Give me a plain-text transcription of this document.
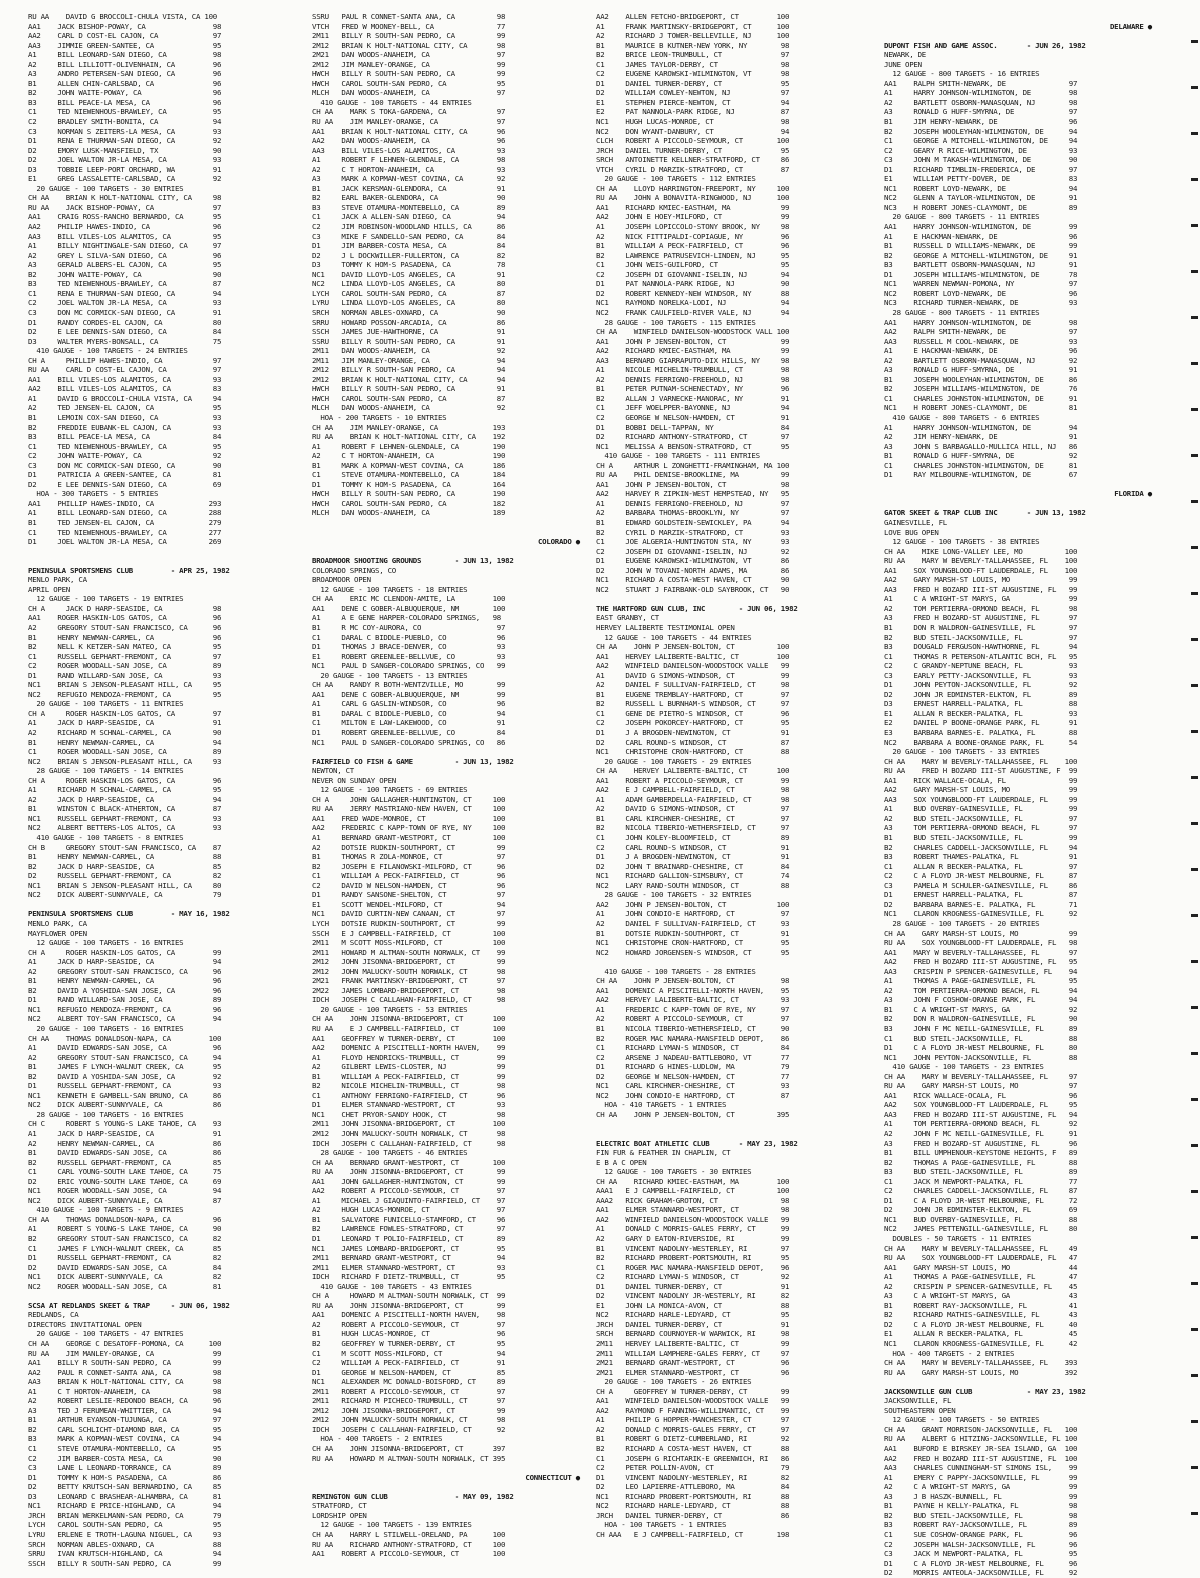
RU AA    DAVID G BROCCOLI-CHULA VISTA, CA 100
AA1    JACK BISHOP-POWAY, CA                98
AA2    CARL D COST-EL CAJON, CA             97
AA3    JIMMIE GREEN-SANTEE, CA              95
A1     BILL LEONARD-SAN DIEGO, CA           98
A2     BILL LILLIOTT-OLIVENHAIN, CA         96
A3     ANDRO PETERSEN-SAN DIEGO, CA         96
B1     ALLEN CHIN-CARLSBAD, CA              96
B2     JOHN WAITE-POWAY, CA                 96
B3     BILL PEACE-LA MESA, CA               96
C1     TED NIEWENHOUS-BRAWLEY, CA           95
C2     BRADLEY SMITH-BONITA, CA             94
C3     NORMAN S ZEITERS-LA MESA, CA         93
D1     RENA E THURMAN-SAN DIEGO, CA         92
D2     EMORY LUSK-MANSFIELD, TX             90
D2     JOEL WALTON JR-LA MESA, CA           93
D3     TOBBIE LEEP-PORT ORCHARD, WA         91
E1     GREG LASSALETTE-CARLSBAD, CA         92
20 GAUGE - 100 TARGETS - 30 ENTRIES
CH AA    BRIAN K HOLT-NATIONAL CITY, CA     98
RU AA    JACK BISHOP-POWAY, CA              97
AA1    CRAIG ROSS-RANCHO BERNARDO, CA       95
AA2    PHILIP HAWES-INDIO, CA               96
AA3    BILL VILES-LOS ALAMITOS, CA          95
A1     BILLY NIGHTINGALE-SAN DIEGO, CA      97
A2     GREY L SILVA-SAN DIEGO, CA           96
A3     GERALD ALBERS-EL CAJON, CA           95
B2     JOHN WAITE-POWAY, CA                 90
B3     TED NIEWENHOUS-BRAWLEY, CA           87
C1     RENA E THURMAN-SAN DIEGO, CA         94
C2     JOEL WALTON JR-LA MESA, CA           93
C3     DON MC CORMICK-SAN DIEGO, CA         91
D1     RANDY CORDES-EL CAJON, CA            80
D2     E LEE DENNIS-SAN DIEGO, CA           84
D3     WALTER MYERS-BONSALL, CA             75
410 GAUGE - 100 TARGETS - 24 ENTRIES
CH A     PHILLIP HAWES-INDIO, CA            97
RU AA    CARL D COST-EL CAJON, CA           97
AA1    BILL VILES-LOS ALAMITOS, CA          93
AA2    BILL VILES-LOS ALAMITOS, CA          83
A1     DAVID G BROCCOLI-CHULA VISTA, CA     94
A2     TED JENSEN-EL CAJON, CA              95
B1     LEMOIN COX-SAN DIEGO, CA             93
B2     FREDDIE EUBANK-EL CAJON, CA          93
B3     BILL PEACE-LA MESA, CA               84
C1     TED NIEWENHOUS-BRAWLEY, CA           95
C2     JOHN WAITE-POWAY, CA                 92
C3     DON MC CORMICK-SAN DIEGO, CA         90
D1     PATRICIA A GREEN-SANTEE, CA          81
D2     E LEE DENNIS-SAN DIEGO, CA           69
HOA - 300 TARGETS - 5 ENTRIES
AA1    PHILLIP HAWES-INDIO, CA             293
A1     BILL LEONARD-SAN DIEGO, CA          288
B1     TED JENSEN-EL CAJON, CA             279
C1     TED NIEWENHOUS-BRAWLEY, CA          277
D1     JOEL WALTON JR-LA MESA, CA          269
PENINSULA SPORTSMENS CLUB         - APR 25, 1982
MENLO PARK, CA
APRIL OPEN
12 GAUGE - 100 TARGETS - 19 ENTRIES
CH A     JACK D HARP-SEASIDE, CA            98
AA1    ROGER HASKIN-LOS GATOS, CA           96
A2     GREGORY STOUT-SAN FRANCISCO, CA      96
B1     HENRY NEWMAN-CARMEL, CA              96
B2     NELL K KETZER-SAN MATEO, CA          95
C1     RUSSELL GEPHART-FREMONT, CA          97
C2     ROGER WOODALL-SAN JOSE, CA           89
D1     RAND WILLARD-SAN JOSE, CA            93
NC1    BRIAN S JENSON-PLEASANT HILL, CA     95
NC2    REFUGIO MENDOZA-FREMONT, CA          95
20 GAUGE - 100 TARGETS - 11 ENTRIES
CH A     ROGER HASKIN-LOS GATOS, CA         97
A1     JACK D HARP-SEASIDE, CA              91
A2     RICHARD M SCHNAL-CARMEL, CA          90
B1     HENRY NEWMAN-CARMEL, CA              94
C1     ROGER WOODALL-SAN JOSE, CA           89
NC2    BRIAN S JENSON-PLEASANT HILL, CA     93
28 GAUGE - 100 TARGETS - 14 ENTRIES
CH A     ROGER HASKIN-LOS GATOS, CA         96
A1     RICHARD M SCHNAL-CARMEL, CA          95
A2     JACK D HARP-SEASIDE, CA              94
B1     WINSTON C BLACK-ATHERTON, CA         87
NC1    RUSSELL GEPHART-FREMONT, CA          93
NC2    ALBERT BETTERS-LOS ALTOS, CA         93
410 GAUGE - 100 TARGETS - 8 ENTRIES
CH B     GREGORY STOUT-SAN FRANCISCO, CA    87
B1     HENRY NEWMAN-CARMEL, CA              88
B2     JACK D HARP-SEASIDE, CA              85
D2     RUSSELL GEPHART-FREMONT, CA          82
NC1    BRIAN S JENSON-PLEASANT HILL, CA     80
NC2    DICK AUBERT-SUNNYVALE, CA            79
PENINSULA SPORTSMENS CLUB         - MAY 16, 1982
MENLO PARK, CA
MAYFLOWER OPEN
12 GAUGE - 100 TARGETS - 16 ENTRIES
CH A     ROGER HASKIN-LOS GATOS, CA         99
A1     JACK D HARP-SEASIDE, CA              94
A2     GREGORY STOUT-SAN FRANCISCO, CA      96
B1     HENRY NEWMAN-CARMEL, CA              96
B2     DAVID A YOSHIDA-SAN JOSE, CA         96
D1     RAND WILLARD-SAN JOSE, CA            89
NC1    REFUGIO MENDOZA-FREMONT, CA          96
NC2    ALBERT TOY-SAN FRANCISCO, CA         94
20 GAUGE - 100 TARGETS - 16 ENTRIES
CH AA    THOMAS DONALDSON-NAPA, CA         100
A1     DAVID EDWARDS-SAN JOSE, CA           96
A2     GREGORY STOUT-SAN FRANCISCO, CA      94
B1     JAMES F LYNCH-WALNUT CREEK, CA       95
B2     DAVID A YOSHIDA-SAN JOSE, CA         92
D1     RUSSELL GEPHART-FREMONT, CA          93
NC1    KENNETH E GAMBELL-SAN BRUNO, CA      86
NC2    DICK AUBERT-SUNNYVALE, CA            86
28 GAUGE - 100 TARGETS - 16 ENTRIES
CH C     ROBERT S YOUNG-S LAKE TAHOE, CA    93
A1     JACK D HARP-SEASIDE, CA              91
A2     HENRY NEWMAN-CARMEL, CA              86
B1     DAVID EDWARDS-SAN JOSE, CA           86
B2     RUSSELL GEPHART-FREMONT, CA          85
C1     CARL YOUNG-SOUTH LAKE TAHOE, CA      75
D2     ERIC YOUNG-SOUTH LAKE TAHOE, CA      69
NC1    ROGER WOODALL-SAN JOSE, CA           94
NC2    DICK AUBERT-SUNNYVALE, CA            87
410 GAUGE - 100 TARGETS - 9 ENTRIES
CH AA    THOMAS DONALDSON-NAPA, CA          96
A1     ROBERT S YOUNG-S LAKE TAHOE, CA      90
B2     GREGORY STOUT-SAN FRANCISCO, CA      82
C1     JAMES F LYNCH-WALNUT CREEK, CA       85
D1     RUSSELL GEPHART-FREMONT, CA          82
D2     DAVID EDWARDS-SAN JOSE, CA           84
NC1    DICK AUBERT-SUNNYVALE, CA            82
NC2    ROGER WOODALL-SAN JOSE, CA           81
SCSA AT REDLANDS SKEET & TRAP     - JUN 06, 1982
REDLANDS, CA
DIRECTORS INVITATIONAL OPEN
20 GAUGE - 100 TARGETS - 47 ENTRIES
CH AA    GEORGE C DESATOFF-POMONA, CA      100
RU AA    JIM MANLEY-ORANGE, CA              99
AA1    BILLY R SOUTH-SAN PEDRO, CA          99
AA2    PAUL R CONNET-SANTA ANA, CA          98
AA3    BRIAN K HOLT-NATIONAL CITY, CA       98
A1     C T HORTON-ANAHEIM, CA               98
A2     ROBERT LESLIE-REDONDO BEACH, CA      96
A3     TED J FERUMEAN-WHITTIER, CA          94
B1     ARTHUR EYANSON-TUJUNGA, CA           97
B2     CARL SCHLICHT-DIAMOND BAR, CA        95
B3     MARK A KOPMAN-WEST COVINA, CA        94
C1     STEVE OTAMURA-MONTEBELLO, CA         95
C2     JIM BARBER-COSTA MESA, CA            90
C3     LANE L LEONARD-TORRANCE, CA          89
D1     TOMMY K HOM-S PASADENA, CA           86
D2     BETTY KRUTSCH-SAN BERNARDINO, CA     85
D3     LEONARD C BRASHEAR-ALHAMBRA, CA      81
NC1    RICHARD E PRICE-HIGHLAND, CA         94
JRCH   BRIAN WERKELMANN-SAN PEDRO, CA       79
LYCH   CAROL SOUTH-SAN PEDRO, CA            95
LYRU   ERLENE E TROTH-LAGUNA NIGUEL, CA     93
SRCH   NORMAN ABLES-OXNARD, CA              88
SRRU   IVAN KRUTSCH-HIGHLAND, CA            94
SSCH   BILLY R SOUTH-SAN PEDRO, CA          99
SSRU   PAUL R CONNET-SANTA ANA, CA          98
VTCH   FRED W MOONEY-BELL, CA               77
2M11   BILLY R SOUTH-SAN PEDRO, CA          99
2M12   BRIAN K HOLT-NATIONAL CITY, CA       98
2M21   DAN WOODS-ANAHEIM, CA                97
2M12   JIM MANLEY-ORANGE, CA                99
HWCH   BILLY R SOUTH-SAN PEDRO, CA          99
HWCH   CAROL SOUTH-SAN PEDRO, CA            95
MLCH   DAN WOODS-ANAHEIM, CA                97
410 GAUGE - 100 TARGETS - 44 ENTRIES
CH AA    MARK S TOKA-GARDENA, CA            97
RU AA    JIM MANLEY-ORANGE, CA              97
AA1    BRIAN K HOLT-NATIONAL CITY, CA       96
AA2    DAN WOODS-ANAHEIM, CA                96
AA3    BILL VILES-LOS ALAMITOS, CA          93
A1     ROBERT F LEHNEN-GLENDALE, CA         98
A2     C T HORTON-ANAHEIM, CA               93
A3     MARK A KOPMAN-WEST COVINA, CA        92
B1     JACK KERSMAN-GLENDORA, CA            91
B2     EARL BAKER-GLENDORA, CA              90
B3     STEVE OTAMURA-MONTEBELLO, CA         89
C1     JACK A ALLEN-SAN DIEGO, CA           94
C2     JIM ROBINSON-WOODLAND HILLS, CA      86
C3     MIKE F SANDELLO-SAN PEDRO, CA        84
D1     JIM BARBER-COSTA MESA, CA            84
D2     J L DOCKWILLER-FULLERTON, CA         82
D3     TOMMY K HOM-S PASADENA, CA           78
NC1    DAVID LLOYD-LOS ANGELES, CA          91
NC2    LINDA LLOYD-LOS ANGELES, CA          80
LYCH   CAROL SOUTH-SAN PEDRO, CA            87
LYRU   LINDA LLOYD-LOS ANGELES, CA          80
SRCH   NORMAN ABLES-OXNARD, CA              90
SRRU   HOWARD POSSON-ARCADIA, CA            86
SSCH   JAMES JUE-HAWTHORNE, CA              91
SSRU   BILLY R SOUTH-SAN PEDRO, CA          91
2M11   DAN WOODS-ANAHEIM, CA                92
2M11   JIM MANLEY-ORANGE, CA                94
2M12   BILLY R SOUTH-SAN PEDRO, CA          94
2M12   BRIAN K HOLT-NATIONAL CITY, CA       94
HWCH   BILLY R SOUTH-SAN PEDRO, CA          91
HWCH   CAROL SOUTH-SAN PEDRO, CA            87
MLCH   DAN WOODS-ANAHEIM, CA                92
HOA - 200 TARGETS - 10 ENTRIES
CH AA    JIM MANLEY-ORANGE, CA             193
RU AA    BRIAN K HOLT-NATIONAL CITY, CA    192
A1     ROBERT F LEHNEN-GLENDALE, CA        190
A2     C T HORTON-ANAHEIM, CA              190
B1     MARK A KOPMAN-WEST COVINA, CA       186
C1     STEVE OTAMURA-MONTEBELLO, CA        184
D1     TOMMY K HOM-S PASADENA, CA          164
HWCH   BILLY R SOUTH-SAN PEDRO, CA         190
HWCH   CAROL SOUTH-SAN PEDRO, CA           182
MLCH   DAN WOODS-ANAHEIM, CA               189
COLORADO ●
BROADMOOR SHOOTING GROUNDS        - JUN 13, 1982
COLORADO SPRINGS, CO
BROADMOOR OPEN
12 GAUGE - 100 TARGETS - 18 ENTRIES
CH AA    ERIC MC CLENDON-AMITE, LA         100
AA1    DENE C GOBER-ALBUQUERQUE, NM        100
A1     A E GENE HARPER-COLORADO SPRINGS,   98
B1     R MC COY-AURORA, CO                  97
C1     DARAL C BIDDLE-PUEBLO, CO            96
D1     THOMAS J BRACE-DENVER, CO            93
E1     ROBERT GREENLEE-BELLVUE, CO          93
NC1    PAUL D SANGER-COLORADO SPRINGS, CO   99
20 GAUGE - 100 TARGETS - 13 ENTRIES
CH AA    RANDY R BOTH-WENTZVILLE, MO        99
AA1    DENE C GOBER-ALBUQUERQUE, NM         99
A1     CARL G GASLIN-WINDSOR, CO            96
B1     DARAL C BIDDLE-PUEBLO, CO            94
C1     MILTON E LAW-LAKEWOOD, CO            91
D1     ROBERT GREENLEE-BELLVUE, CO          84
NC1    PAUL D SANGER-COLORADO SPRINGS, CO   86
FAIRFIELD CO FISH & GAME          - JUN 13, 1982
NEWTON, CT
NEVER ON SUNDAY OPEN
12 GAUGE - 100 TARGETS - 69 ENTRIES
CH A     JOHN GALLAGHER-HUNTINGTON, CT     100
RU AA    JERRY MASTRIANO-NEW HAVEN, CT     100
AA1    FRED WADE-MONROE, CT                100
AA2    FREDERIC C KAPP-TOWN OF RYE, NY     100
A1     BERNARD GRANT-WESTPORT, CT          100
A2     DOTSIE RUDKIN-SOUTHPORT, CT          99
B1     THOMAS R ZOLA-MONROE, CT             97
B2     JOSEPH E FILANOWSKI-MILFORD, CT      96
C1     WILLIAM A PECK-FAIRFIELD, CT         96
C2     DAVID W NELSON-HAMDEN, CT            96
D1     RANDY SANSONE-SHELTON, CT            97
E1     SCOTT WENDEL-MILFORD, CT             94
NC1    DAVID CURTIN-NEW CANAAN, CT          97
LYCH   DOTSIE RUDKIN-SOUTHPORT, CT          99
SSCH   E J CAMPBELL-FAIRFIELD, CT          100
2M11   M SCOTT MOSS-MILFORD, CT            100
2M11   HOWARD M ALTMAN-SOUTH NORWALK, CT    99
2M12   JOHN JISONNA-BRIDGEPORT, CT          99
2M12   JOHN MALUCKY-SOUTH NORWALK, CT       98
2M21   FRANK MARTINSKY-BRIDGEPORT, CT       97
2M22   JAMES LOMBARD-BRIDGEPORT, CT         98
IDCH   JOSEPH C CALLAHAN-FAIRFIELD, CT      98
20 GAUGE - 100 TARGETS - 53 ENTRIES
CH AA    JOHN JISONNA-BRIDGEPORT, CT       100
RU AA    E J CAMPBELL-FAIRFIELD, CT        100
AA1    GEOFFREY W TURNER-DERBY, CT         100
AA2    DOMENIC A PISCITELLI-NORTH HAVEN,    99
A1     FLOYD HENDRICKS-TRUMBULL, CT         99
A2     GILBERT LEWIS-CLOSTER, NJ            99
B1     WILLIAM A PECK-FAIRFIELD, CT         99
B2     NICOLE MICHELIN-TRUMBULL, CT         98
C1     ANTHONY FERRIGNO-FAIRFIELD, CT       96
D1     ELMER STANNARD-WESTPORT, CT          93
NC1    CHET PRYOR-SANDY HOOK, CT            98
2M11   JOHN JISONNA-BRIDGEPORT, CT         100
2M12   JOHN MALUCKY-SOUTH NORWALK, CT       98
IDCH   JOSEPH C CALLAHAN-FAIRFIELD, CT      98
28 GAUGE - 100 TARGETS - 46 ENTRIES
CH AA    BERNARD GRANT-WESTPORT, CT        100
RU AA    JOHN JISONNA-BRIDGEPORT, CT        99
AA1    JOHN GALLAGHER-HUNTINGTON, CT        99
AA2    ROBERT A PICCOLO-SEYMOUR, CT         97
A1     MICHAEL J GIAQUINTO-FAIRFIELD, CT    97
A2     HUGH LUCAS-MONROE, CT                97
B1     SALVATORE FUNICELLO-STAMFORD, CT     96
B2     LAWRENCE FOWLES-STRATFORD, CT        97
D1     LEONARD T POLIO-FAIRFIELD, CT        89
NC1    JAMES LOMBARD-BRIDGEPORT, CT         95
2M11   BERNARD GRANT-WESTPORT, CT           94
2M11   ELMER STANNARD-WESTPORT, CT          93
IDCH   RICHARD F DIETZ-TRUMBULL, CT         95
410 GAUGE - 100 TARGETS - 43 ENTRIES
CH A     HOWARD M ALTMAN-SOUTH NORWALK, CT  99
RU AA    JOHN JISONNA-BRIDGEPORT, CT        99
AA1    DOMENIC A PISCITELLI-NORTH HAVEN,    98
A2     ROBERT A PICCOLO-SEYMOUR, CT         97
B1     HUGH LUCAS-MONROE, CT                96
B2     GEOFFREY W TURNER-DERBY, CT          95
C1     M SCOTT MOSS-MILFORD, CT             94
C2     WILLIAM A PECK-FAIRFIELD, CT         91
D1     GEORGE W NELSON-HAMDEN, CT           85
NC1    ALEXANDER MC DONALD-BOISFORD, CT     89
2M11   ROBERT A PICCOLO-SEYMOUR, CT         97
2M11   RICHARD M PICHECO-TRUMBULL, CT       97
2M12   JOHN JISONNA-BRIDGEPORT, CT          99
2M12   JOHN MALUCKY-SOUTH NORWALK, CT       98
IDCH   JOSEPH C CALLAHAN-FAIRFIELD, CT      92
HOA - 400 TARGETS - 2 ENTRIES
CH AA    JOHN JISONNA-BRIDGEPORT, CT       397
RU AA    HOWARD M ALTMAN-SOUTH NORWALK, CT 395
CONNECTICUT ●
REMINGTON GUN CLUB                - MAY 09, 1982
STRATFORD, CT
LORDSHIP OPEN
12 GAUGE - 100 TARGETS - 139 ENTRIES
CH AA    HARRY L STILWELL-ORELAND, PA      100
RU AA    RICHARD ANTHONY-STRATFORD, CT     100
AA1    ROBERT A PICCOLO-SEYMOUR, CT        100
AA2    ALLEN FETCHO-BRIDGEPORT, CT         100
A1     FRANK MARTINSKY-BRIDGEPORT, CT      100
A2     RICHARD J TOWER-BELLEVILLE, NJ      100
B1     MAURICE B KUTNER-NEW YORK, NY        98
B2     BRICE LEON-TRUMBULL, CT              97
C1     JAMES TAYLOR-DERBY, CT               98
C2     EUGENE KAROWSKI-WILMINGTON, VT       98
D1     DANIEL TURNER-DERBY, CT              95
D2     WILLIAM COWLEY-NEWTON, NJ            97
E1     STEPHEN PIERCE-NEWTON, CT            94
E2     PAT NANNOLA-PARK RIDGE, NJ           87
NC1    HUGH LUCAS-MONROE, CT                98
NC2    DON WYANT-DANBURY, CT                94
CLCH   ROBERT A PICCOLO-SEYMOUR, CT        100
JRCH   DANIEL TURNER-DERBY, CT              95
SRCH   ANTOINETTE KELLNER-STRATFORD, CT     86
VTCH   CYRIL D MARZIK-STRATFORD, CT         87
20 GAUGE - 100 TARGETS - 112 ENTRIES
CH AA    LLOYD HARRINGTON-FREEPORT, NY     100
RU AA    JOHN A BONAVITA-RINGWOOD, NJ      100
AA1    RICHARD KMIEC-EASTHAM, MA            99
AA2    JOHN E HOEY-MILFORD, CT              99
A1     JOSEPH LOPICCOLO-STONY BROOK, NY     98
A2     NICK FITTIPALDI-COPIAGUE, NY         96
B1     WILLIAM A PECK-FAIRFIELD, CT         96
B2     LAWRENCE PATRUSEVICH-LINDEN, NJ      95
C1     JOHN WEIS-GUILFORD, CT               95
C2     JOSEPH DI GIOVANNI-ISELIN, NJ        94
D1     PAT NANNOLA-PARK RIDGE, NJ           90
D2     ROBERT KENNEDY-NEW WINDSOR, NY       88
NC1    RAYMOND NORELKA-LODI, NJ             94
NC2    FRANK CAULFIELD-RIVER VALE, NJ       94
28 GAUGE - 100 TARGETS - 115 ENTRIES
CH AA    WINFIELD DANIELSON-WOODSTOCK VALL 100
AA1    JOHN P JENSEN-BOLTON, CT             99
AA2    RICHARD KMIEC-EASTHAM, MA            99
AA3    BERNARD GIARRAPUTO-DIX HILLS, NY     98
A1     NICOLE MICHELIN-TRUMBULL, CT         98
A2     DENNIS FERRIGNO-FREEHOLD, NJ         98
B1     PETER PUTNAM-SCHENECTADY, NY         96
B2     ALLAN J VARNECKE-MANORAC, NY         91
C1     JEFF WOELPPER-BAYONNE, NJ            94
C2     GEORGE W NELSON-HAMDEN, CT           91
D1     BOBBI DELL-TAPPAN, NY                84
D2     RICHARD ANTHONY-STRATFORD, CT        97
NC1    MELISSA A BENSON-STRATFORD, CT       95
410 GAUGE - 100 TARGETS - 111 ENTRIES
CH A     ARTHUR L ZONGHETTI-FRAMINGHAM, MA 100
RU AA    PHIL DENISE-BROOKLINE, MA          99
AA1    JOHN P JENSEN-BOLTON, CT             98
AA2    HARVEY R ZIPKIN-WEST HEMPSTEAD, NY   95
A1     DENNIS FERRIGNO-FREEHOLD, NJ         97
A2     BARBARA THOMAS-BROOKLYN, NY          97
B1     EDWARD GOLDSTEIN-SEWICKLEY, PA       94
B2     CYRIL D MARZIK-STRATFORD, CT         93
C1     JOE ALGERIA-HUNTINGTON STA, NY       93
C2     JOSEPH DI GIOVANNI-ISELIN, NJ        92
D1     EUGENE KAROWSKI-WILMINGTON, VT       86
D2     JOHN W TOVANI-NORTH ADAMS, MA        86
NC1    RICHARD A COSTA-WEST HAVEN, CT       90
NC2    STUART J FAIRBANK-OLD SAYBROOK, CT   90
THE HARTFORD GUN CLUB, INC        - JUN 06, 1982
EAST GRANBY, CT
HERVEY LALIBERTE TESTIMONIAL OPEN
12 GAUGE - 100 TARGETS - 44 ENTRIES
CH AA    JOHN P JENSEN-BOLTON, CT          100
AA1    HERVEY LALIBERTE-BALTIC, CT         100
AA2    WINFIELD DANIELSON-WOODSTOCK VALLE   99
A1     DAVID G SIMONS-WINDSOR, CT           99
A2     DANIEL F SULLIVAN-FAIRFIELD, CT      98
B1     EUGENE TREMBLAY-HARTFORD, CT         97
B2     RUSSELL L BURNHAM-S WINDSOR, CT      97
C1     GENE DE PIETRO-S WINDSOR, CT         96
C2     JOSEPH POKORCEY-HARTFORD, CT         95
D1     J A BROGDEN-NEWINGTON, CT            91
D2     CARL ROUND-S WINDSOR, CT             87
NC1    CHRISTOPHE CRON-HARTFORD, CT         88
20 GAUGE - 100 TARGETS - 29 ENTRIES
CH AA    HERVEY LALIBERTE-BALTIC, CT       100
AA1    ROBERT A PICCOLO-SEYMOUR, CT         99
AA2    E J CAMPBELL-FAIRFIELD, CT           98
A1     ADAM GAMBERDELLA-FAIRFIELD, CT       98
A2     DAVID G SIMONS-WINDSOR, CT           97
B1     CARL KIRCHNER-CHESHIRE, CT           97
B2     NICOLA TIBERIO-WETHERSFIELD, CT      97
C1     JOHN KOLEY-BLOOMFIELD, CT            89
C2     CARL ROUND-S WINDSOR, CT             91
D1     J A BROGDEN-NEWINGTON, CT            91
D2     JOHN T BRAINARD-CHESHIRE, CT         84
NC1    RICHARD GALLION-SIMSBURY, CT         74
NC2    LARY RAND-SOUTH WINDSOR, CT          88
28 GAUGE - 100 TARGETS - 32 ENTRIES
AA2    JOHN P JENSEN-BOLTON, CT            100
A1     JOHN CONDIO-E HARTFORD, CT           97
A2     DANIEL F SULLIVAN-FAIRFIELD, CT      93
B1     DOTSIE RUDKIN-SOUTHPORT, CT          91
NC1    CHRISTOPHE CRON-HARTFORD, CT         95
NC2    HOWARD JORGENSEN-S WINDSOR, CT       95
410 GAUGE - 100 TARGETS - 28 ENTRIES
CH AA    JOHN P JENSEN-BOLTON, CT           98
AA1    DOMENIC A PISCITELLI-NORTH HAVEN,    95
AA2    HERVEY LALIBERTE-BALTIC, CT          93
A1     FREDERIC C KAPP-TOWN OF RYE, NY      97
A2     ROBERT A PICCOLO-SEYMOUR, CT         97
B1     NICOLA TIBERIO-WETHERSFIELD, CT      90
B2     ROGER MAC NAMARA-MANSFIELD DEPOT,    86
C1     RICHARD LYMAN-S WINDSOR, CT          84
C2     ARSENE J NADEAU-BATTLEBORO, VT       77
D1     RICHARD G HINES-LUDLOW, MA           79
D2     GEORGE W NELSON-HAMDEN, CT           77
NC1    CARL KIRCHNER-CHESHIRE, CT           93
NC2    JOHN CONDIO-E HARTFORD, CT           87
HOA - 410 TARGETS - 1 ENTRIES
CH AA    JOHN P JENSEN-BOLTON, CT          395
ELECTRIC BOAT ATHLETIC CLUB       - MAY 23, 1982
FIN FUR & FEATHER IN CHAPLIN, CT
E B A C OPEN
12 GAUGE - 100 TARGETS - 30 ENTRIES
CH AA    RICHARD KMIEC-EASTHAM, MA         100
AAA1   E J CAMPBELL-FAIRFIELD, CT          100
AAA2   RICK GRAHAM-GROTON, CT               98
AA1    ELMER STANNARD-WESTPORT, CT          98
AA2    WINFIELD DANIELSON-WOODSTOCK VALLE   99
A1     DONALD C MORRIS-GALES FERRY, CT      99
A2     GARY D EATON-RIVERSIDE, RI           99
B1     VINCENT NADOLNY-WESTERLEY, RI        97
B2     RICHARD PROBERT-PORTSMOUTH, RI       95
C1     ROGER MAC NAMARA-MANSFIELD DEPOT,    96
C2     RICHARD LYMAN-S WINDSOR, CT          92
D1     DANIEL TURNER-DERBY, CT              91
D2     VINCENT NADOLNY JR-WESTERLY, RI      82
E1     JOHN LA MONICA-AVON, CT              88
NC2    RICHARD HARLE-LEDYARD, CT            95
JRCH   DANIEL TURNER-DERBY, CT              91
SRCH   BERNARD COURNOYER-W WARWICK, RI      98
2M11   HERVEY LALIBERTE-BALTIC, CT          99
2M11   WILLIAM LAMPHERE-GALES FERRY, CT     97
2M21   BERNARD GRANT-WESTPORT, CT           96
2M21   ELMER STANNARD-WESTPORT, CT          96
20 GAUGE - 100 TARGETS - 26 ENTRIES
CH A     GEOFFREY W TURNER-DERBY, CT        99
AA1    WINFIELD DANIELSON-WOODSTOCK VALLE   99
AA2    RAYMOND F FANNING-WILLIMANTIC, CT    99
A1     PHILIP G HOPPER-MANCHESTER, CT       97
A2     DONALD C MORRIS-GALES FERRY, CT      97
B1     ROBERT G DIETZ-CUMBERLAND, RI        92
B2     RICHARD A COSTA-WEST HAVEN, CT       88
C1     JOSEPH G RICHTARIK-E GREENWICH, RI   86
C2     PETER POLLIN-AVON, CT                79
D1     VINCENT NADOLNY-WESTERLEY, RI        82
D2     LEO LAPIERRE-ATTLEBORO, MA           84
NC1    RICHARD PROBERT-PORTSMOUTH, RI       88
NC2    RICHARD HARLE-LEDYARD, CT            88
JRCH   DANIEL TURNER-DERBY, CT              86
HOA - 100 TARGETS - 1 ENTRIES
CH AAA   E J CAMPBELL-FAIRFIELD, CT        198
DELAWARE ●
DUPONT FISH AND GAME ASSOC.       - JUN 26, 1982
NEWARK, DE
JUNE OPEN
12 GAUGE - 800 TARGETS - 16 ENTRIES
AA1    RALPH SMITH-NEWARK, DE               97
A1     HARRY JOHNSON-WILMINGTON, DE         98
A2     BARTLETT OSBORN-MANASQUAN, NJ        98
A3     RONALD G HUFF-SMYRNA, DE             97
B1     JIM HENRY-NEWARK, DE                 96
B2     JOSEPH WOOLEYHAN-WILMINGTON, DE      94
C1     GEORGE A MITCHELL-WILMINGTON, DE     94
C2     GEARY R RICE-WILMINGTON, DE          93
C3     JOHN M TAKASH-WILMINGTON, DE         90
D1     RICHARD TIMBLIN-FREDERICA, DE        97
E1     WILLIAM PETTY-DOVER, DE              83
NC1    ROBERT LOYD-NEWARK, DE               94
NC2    GLENN A TAYLOR-WILMINGTON, DE        91
NC3    H ROBERT JONES-CLAYMONT, DE          89
20 GAUGE - 800 TARGETS - 11 ENTRIES
AA1    HARRY JOHNSON-WILMINGTON, DE         99
A1     E HACKMAN-NEWARK, DE                 96
B1     RUSSELL D WILLIAMS-NEWARK, DE        99
B2     GEORGE A MITCHELL-WILMINGTON, DE     91
B3     BARTLETT OSBORN-MANASQUAN, NJ        91
D1     JOSEPH WILLIAMS-WILMINGTON, DE       78
NC1    WARREN NEWMAN-POMONA, NY             97
NC2    ROBERT LOYD-NEWARK, DE               96
NC3    RICHARD TURNER-NEWARK, DE            93
28 GAUGE - 800 TARGETS - 11 ENTRIES
AA1    HARRY JOHNSON-WILMINGTON, DE         98
AA2    RALPH SMITH-NEWARK, DE               97
AA3    RUSSELL M COOL-NEWARK, DE            93
A1     E HACKMAN-NEWARK, DE                 96
A2     BARTLETT OSBORN-MANASQUAN, NJ        92
A3     RONALD G HUFF-SMYRNA, DE             91
B1     JOSEPH WOOLEYHAN-WILMINGTON, DE      86
B2     JOSEPH WILLIAMS-WILMINGTON, DE       76
C1     CHARLES JOHNSTON-WILMINGTON, DE      91
NC1    H ROBERT JONES-CLAYMONT, DE          81
410 GAUGE - 800 TARGETS - 6 ENTRIES
A1     HARRY JOHNSON-WILMINGTON, DE         94
A2     JIM HENRY-NEWARK, DE                 91
A3     JOHN S BARBAGALLO-MULLICA HILL, NJ   86
B1     RONALD G HUFF-SMYRNA, DE             92
C1     CHARLES JOHNSTON-WILMINGTON, DE      81
D1     RAY MILBOURNE-WILMINGTON, DE         67
FLORIDA ●
GATOR SKEET & TRAP CLUB INC       - JUN 13, 1982
GAINESVILLE, FL
LOVE BUG OPEN
12 GAUGE - 100 TARGETS - 38 ENTRIES
CH AA    MIKE LONG-VALLEY LEE, MO          100
RU AA    MARY W BEVERLY-TALLAHASSEE, FL    100
AA1    SOX YOUNGBLOOD-FT LAUDERDALE, FL    100
AA2    GARY MARSH-ST LOUIS, MO              99
AA3    FRED H BOZARD III-ST AUGUSTINE, FL   99
A1     C A WRIGHT-ST MARYS, GA              99
A2     TOM PERTIERRA-ORMOND BEACH, FL       98
A3     FRED H BOZARD-ST AUGUSTINE, FL       97
B1     DON R WALDRON-GAINESVILLE, FL        97
B2     BUD STEIL-JACKSONVILLE, FL           97
B3     DOUGALD FERGUSON-HAWTHORNE, FL       94
C1     THOMAS R PETERSON-ATLANTIC BCH, FL   95
C2     C GRANDY-NEPTUNE BEACH, FL           93
C3     EARLY PETTY-JACKSONVILLE, FL         93
D1     JOHN PEYTON-JACKSONVILLE, FL         92
D2     JOHN JR EDMINSTER-ELKTON, FL         89
D3     ERNEST HARRELL-PALATKA, FL           88
E1     ALLAN R BECKER-PALATKA, FL           93
E2     DANIEL P BOONE-ORANGE PARK, FL       91
E3     BARBARA BARNES-E. PALATKA, FL        88
NC2    BARBARA A BOONE-ORANGE PARK, FL      54
20 GAUGE - 100 TARGETS - 33 ENTRIES
CH AA    MARY W BEVERLY-TALLAHASSEE, FL    100
RU AA    FRED H BOZARD III-ST AUGUSTINE, F  99
AA1    RICK WALLACE-OCALA, FL               99
AA2    GARY MARSH-ST LOUIS, MO              99
AA3    SOX YOUNGBLOOD-FT LAUDERDALE, FL     99
A1     BUD OVERBY-GAINESVILLE, FL           99
A2     BUD STEIL-JACKSONVILLE, FL           97
A3     TOM PERTIERRA-ORMOND BEACH, FL       97
B1     BUD STEIL-JACKSONVILLE, FL           99
B2     CHARLES CADDELL-JACKSONVILLE, FL     94
B3     ROBERT THAMES-PALATKA, FL            91
C1     ALLAN R BECKER-PALATKA, FL           97
C2     C A FLOYD JR-WEST MELBOURNE, FL      87
C3     PAMELA M SCHULER-GAINESVILLE, FL     86
D1     ERNEST HARRELL-PALATKA, FL           87
D2     BARBARA BARNES-E. PALATKA, FL        71
NC1    CLARON KROGNESS-GAINESVILLE, FL      92
28 GAUGE - 100 TARGETS - 20 ENTRIES
CH AA    GARY MARSH-ST LOUIS, MO            99
RU AA    SOX YOUNGBLOOD-FT LAUDERDALE, FL   98
AA1    MARY W BEVERLY-TALLAHASSEE, FL       97
AA2    FRED H BOZARD III-ST AUGUSTINE, FL   95
AA3    CRISPIN P SPENCER-GAINESVILLE, FL    94
A1     THOMAS A PAGE-GAINESVILLE, FL        95
A2     TOM PERTIERRA-ORMOND BEACH, FL       94
A3     JOHN F COSHOW-ORANGE PARK, FL        94
B1     C A WRIGHT-ST MARYS, GA              92
B2     DON R WALDRON-GAINESVILLE, FL        90
B3     JOHN F MC NEILL-GAINESVILLE, FL      89
C1     BUD STEIL-JACKSONVILLE, FL           88
D1     C A FLOYD JR-WEST MELBOURNE, FL      80
NC1    JOHN PEYTON-JACKSONVILLE, FL         88
410 GAUGE - 100 TARGETS - 23 ENTRIES
CH AA    MARY W BEVERLY-TALLAHASSEE, FL     97
RU AA    GARY MARSH-ST LOUIS, MO            97
AA1    RICK WALLACE-OCALA, FL               96
AA2    SOX YOUNGBLOOD-FT LAUDERDALE, FL     95
AA3    FRED H BOZARD III-ST AUGUSTINE, FL   94
A1     TOM PERTIERRA-ORMOND BEACH, FL       92
A2     JOHN F MC NEILL-GAINESVILLE, FL      91
A3     FRED H BOZARD-ST AUGUSTINE, FL       96
B1     BILL UMPHENOUR-KEYSTONE HEIGHTS, F   89
B2     THOMAS A PAGE-GAINESVILLE, FL        88
B3     BUD STEIL-JACKSONVILLE, FL           89
C1     JACK M NEWPORT-PALATKA, FL           77
C2     CHARLES CADDELL-JACKSONVILLE, FL     87
D1     C A FLOYD JR-WEST MELBOURNE, FL      72
D2     JOHN JR EDMINSTER-ELKTON, FL         69
NC1    BUD OVERBY-GAINESVILLE, FL           88
NC2    JAMES PETTENGILL-GAINESVILLE, FL     80
DOUBLES - 50 TARGETS - 11 ENTRIES
CH AA    MARY W BEVERLY-TALLAHASSEE, FL     49
RU AA    SOX YOUNGBLOOD-FT LAUDERDALE, FL   47
AA1    GARY MARSH-ST LOUIS, MO              44
A1     THOMAS A PAGE-GAINESVILLE, FL        47
A2     CRISPIN P SPENCER-GAINESVILLE, FL    45
A3     C A WRIGHT-ST MARYS, GA              43
B1     ROBERT RAY-JACKSONVILLE, FL          41
B2     RICHARD MATHIS-GAINESVILLE, FL       43
D2     C A FLOYD JR-WEST MELBOURNE, FL      40
E1     ALLAN R BECKER-PALATKA, FL           45
NC1    CLARON KROGNESS-GAINESVILLE, FL      42
HOA - 400 TARGETS - 2 ENTRIES
CH AA    MARY W BEVERLY-TALLAHASSEE, FL    393
RU AA    GARY MARSH-ST LOUIS, MO           392
JACKSONVILLE GUN CLUB             - MAY 23, 1982
JACKSONVILLE, FL
SOUTHEASTERN OPEN
12 GAUGE - 100 TARGETS - 50 ENTRIES
CH AA    GRANT MORRISON-JACKSONVILLE, FL   100
RU AA    ALBERT G HITZING-JACKSONVILLE, FL 100
AA1    BUFORD E BIRSKEY JR-SEA ISLAND, GA  100
AA2    FRED H BOZARD III-ST AUGUSTINE, FL  100
AA3    CHARLES CUNNINGHAM-ST SIMONS ISL,    99
A1     EMERY C PAPPY-JACKSONVILLE, FL       99
A2     C A WRIGHT-ST MARYS, GA              99
A3     J B HASZK-BUNNELL, FL                99
B1     PAYNE H KELLY-PALATKA, FL            98
B2     BUD STEIL-JACKSONVILLE, FL           98
B3     ROBERT RAY-JACKSONVILLE, FL          89
C1     SUE COSHOW-ORANGE PARK, FL           96
C2     JOSEPH WALSH-JACKSONVILLE, FL        96
C3     JACK M NEWPORT-PALATKA, FL           95
D1     C A FLOYD JR-WEST MELBOURNE, FL      96
D2     MORRIS ANTEOLA-JACKSONVILLE, FL      92
